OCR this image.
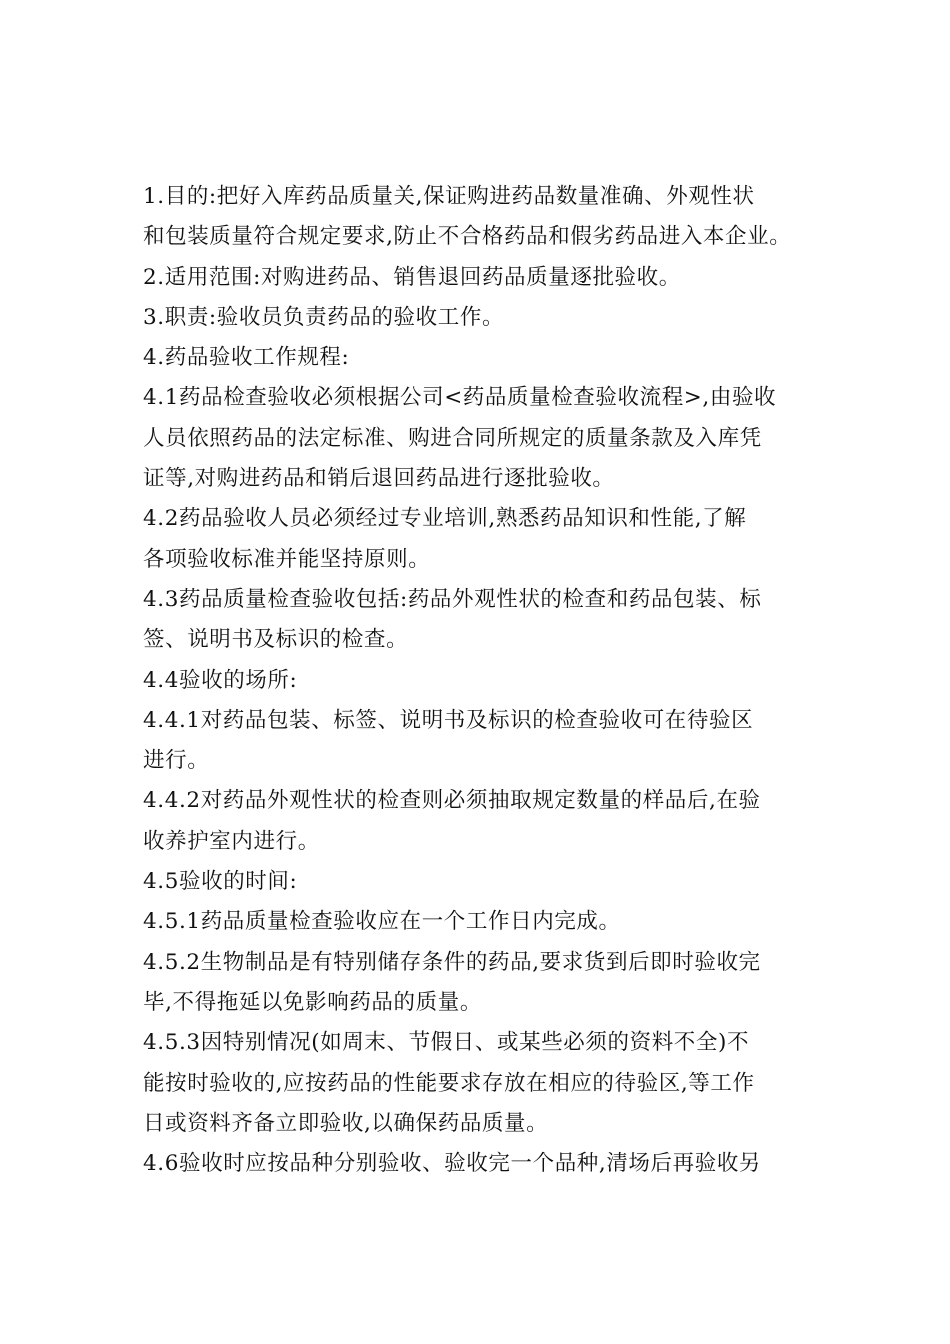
1.目的:把好入库药品质量关,保证购进药品数量准确、外观性状
和包装质量符合规定要求,防止不合格药品和假劣药品进入本企业。
2.适用范围:对购进药品、销售退回药品质量逐批验收。
3.职责:验收员负责药品的验收工作。
4.药品验收工作规程:
4.1药品检查验收必须根据公司<药品质量检查验收流程>,由验收
人员依照药品的法定标准、购进合同所规定的质量条款及入库凭
证等,对购进药品和销后退回药品进行逐批验收。
4.2药品验收人员必须经过专业培训,熟悉药品知识和性能,了解
各项验收标准并能坚持原则。
4.3药品质量检查验收包括:药品外观性状的检查和药品包装、标
签、说明书及标识的检查。
4.4验收的场所:
4.4.1对药品包装、标签、说明书及标识的检查验收可在待验区
进行。
4.4.2对药品外观性状的检查则必须抽取规定数量的样品后,在验
收养护室内进行。
4.5验收的时间:
4.5.1药品质量检查验收应在一个工作日内完成。
4.5.2生物制品是有特别储存条件的药品,要求货到后即时验收完
毕,不得拖延以免影响药品的质量。
4.5.3因特别情况(如周末、节假日、或某些必须的资料不全)不
能按时验收的,应按药品的性能要求存放在相应的待验区,等工作
日或资料齐备立即验收,以确保药品质量。
4.6验收时应按品种分别验收、验收完一个品种,清场后再验收另
